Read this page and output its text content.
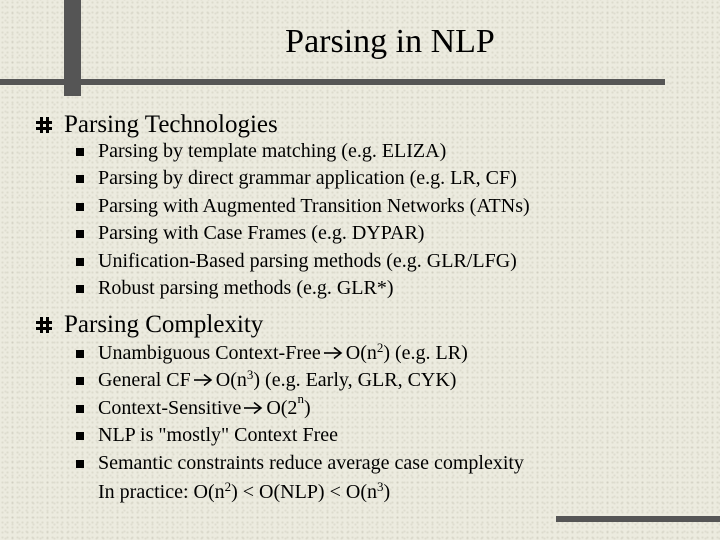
Parsing in NLP
Parsing Technologies
Parsing by template matching (e.g. ELIZA)
Parsing by direct grammar application (e.g. LR, CF)
Parsing with Augmented Transition Networks (ATNs)
Parsing with Case Frames (e.g. DYPAR)
Unification-Based parsing methods (e.g. GLR/LFG)
Robust parsing methods (e.g. GLR*)
Parsing Complexity
Unambiguous Context-Free $O(n^2)$ (e.g. LR)
General CF $O(n^3)$ (e.g. Early, GLR, CYK)
Context-Sensitive O(2$^n$)
NLP is "mostly" Context Free
Semantic constraints reduce average case complexity
In practice: $O(n^2) < O(NLP) < O(n^3)$
